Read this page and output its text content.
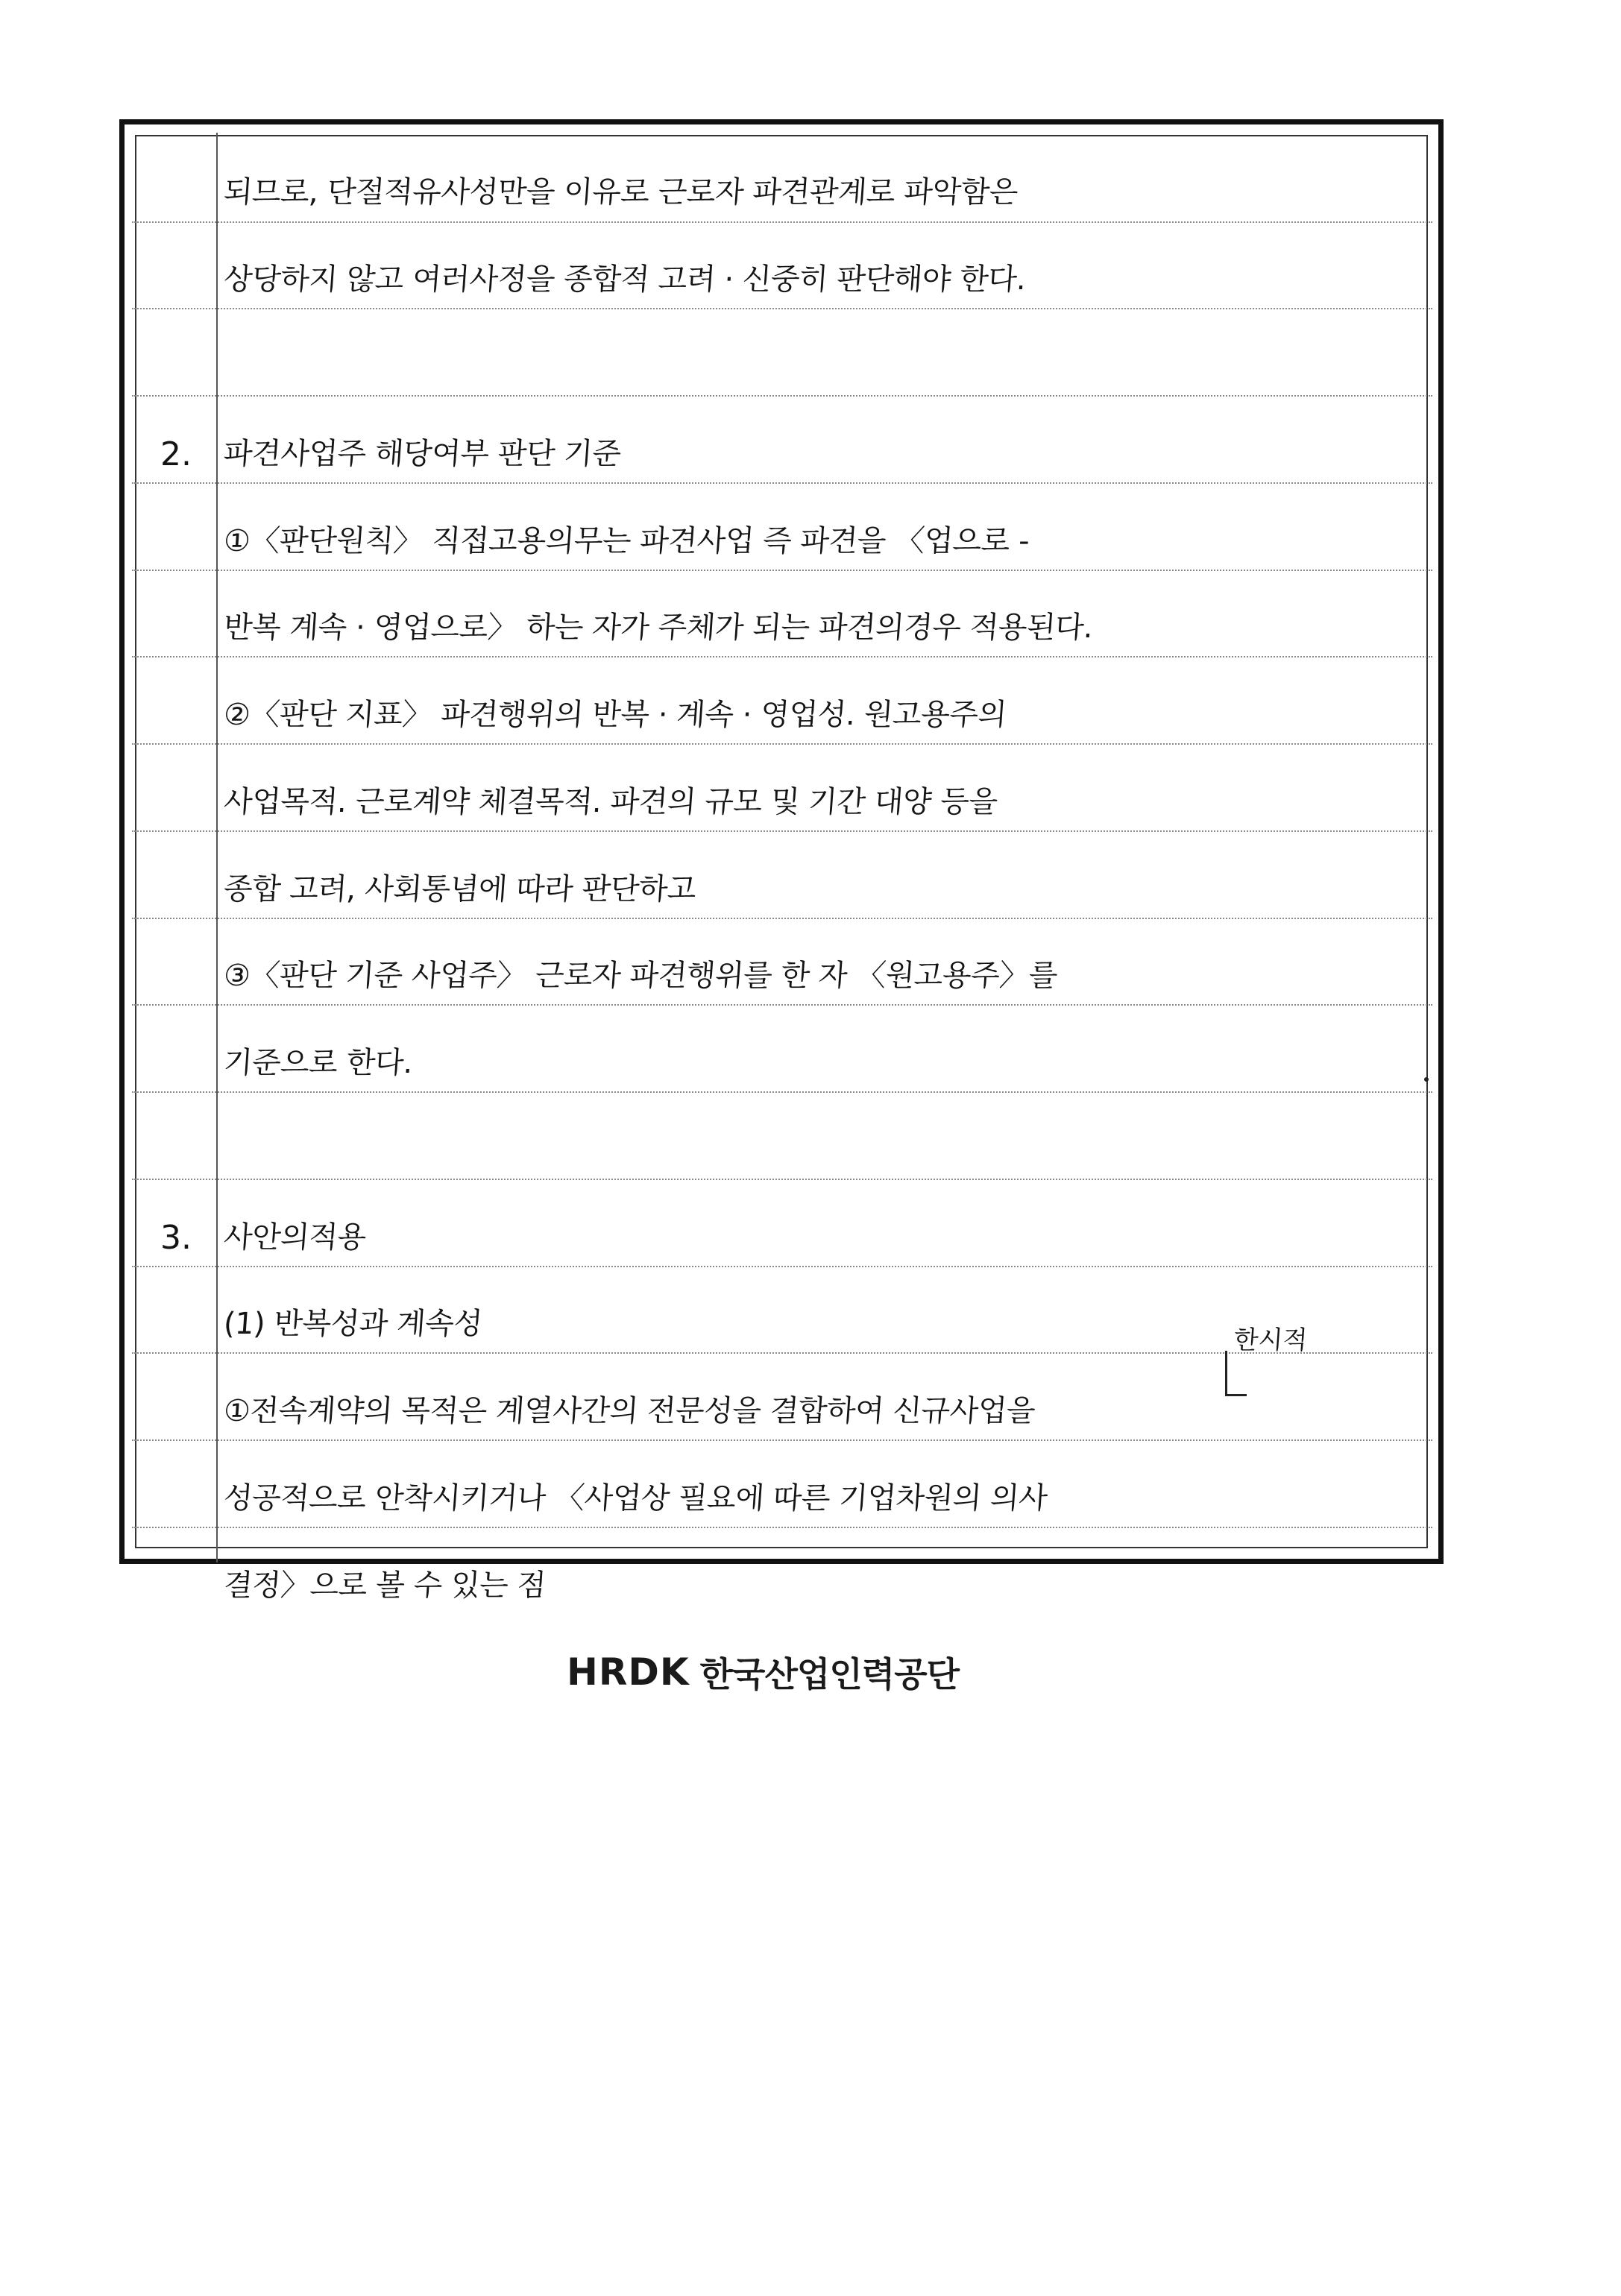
되므로, 단절적유사성만을 이유로 근로자 파견관계로 파악함은
상당하지 않고 여러사정을 종합적 고려 · 신중히 판단해야 한다.
2.	파견사업주 해당여부 판단 기준
①〈판단원칙〉 직접고용의무는 파견사업 즉 파견을 〈업으로 -
반복 계속 · 영업으로〉 하는 자가 주체가 되는 파견의경우 적용된다.
②〈판단 지표〉 파견행위의 반복 · 계속 · 영업성. 원고용주의
사업목적. 근로계약 체결목적. 파견의 규모 및 기간 대양 등을
종합 고려, 사회통념에 따라 판단하고
③〈판단 기준 사업주〉 근로자 파견행위를 한 자 〈원고용주〉를
기준으로 한다.
3.	사안의적용
(1) 반복성과 계속성
①전속계약의 목적은 계열사간의 전문성을 결합하여 신규사업을
성공적으로 안착시키거나 〈사업상 필요에 따른 기업차원의 의사
결정〉으로 볼 수 있는 점
한시적
HRDK 한국산업인력공단
